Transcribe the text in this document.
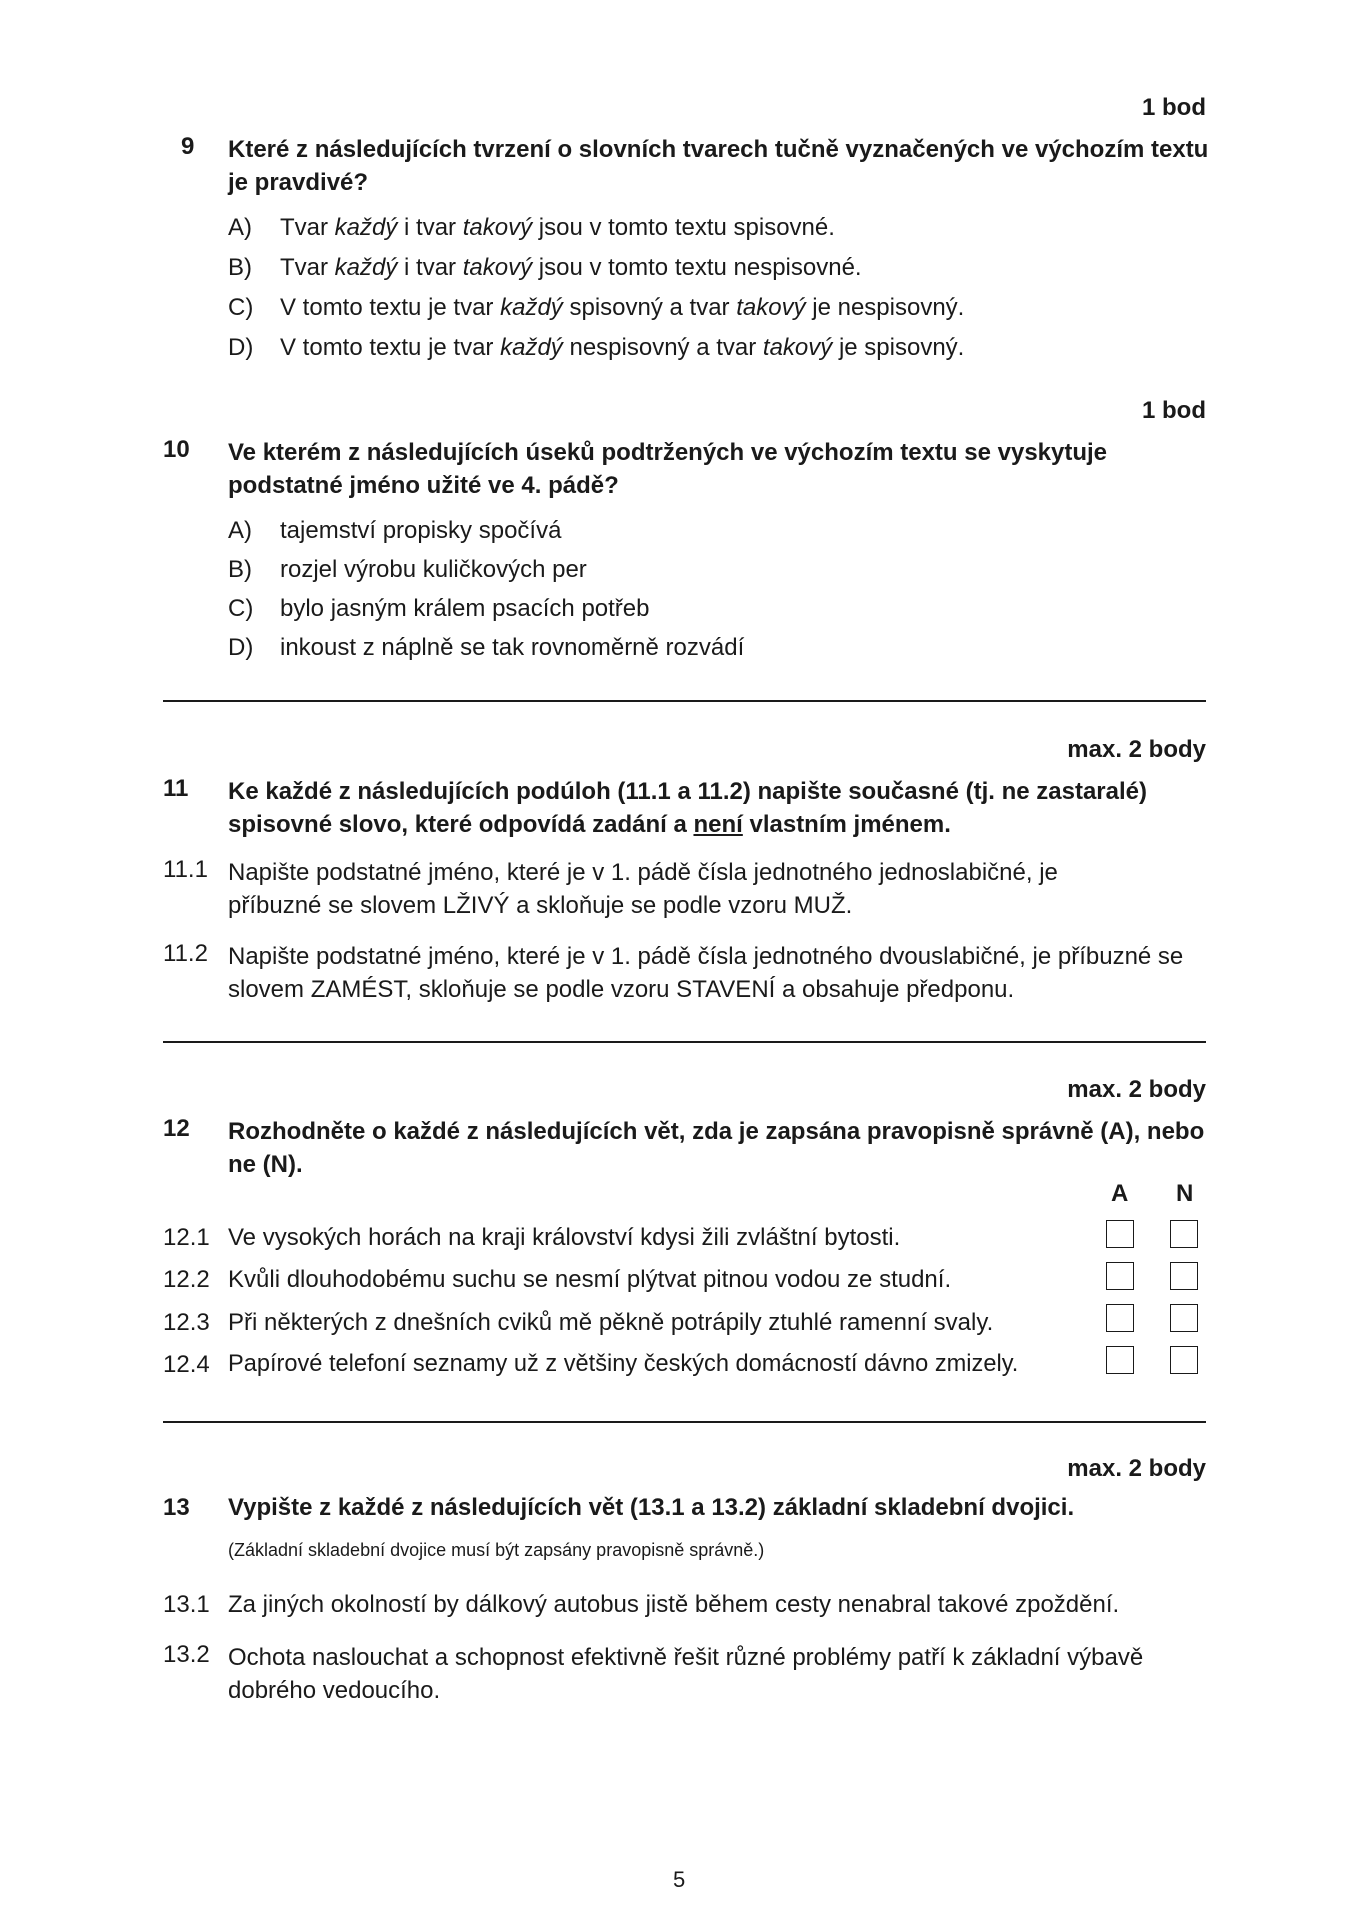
1 bod
9 Které z následujících tvrzení o slovních tvarech tučně vyznačených ve výchozím textu je pravdivé?
A) Tvar každý i tvar takový jsou v tomto textu spisovné.
B) Tvar každý i tvar takový jsou v tomto textu nespisovné.
C) V tomto textu je tvar každý spisovný a tvar takový je nespisovný.
D) V tomto textu je tvar každý nespisovný a tvar takový je spisovný.
1 bod
10 Ve kterém z následujících úseků podtržených ve výchozím textu se vyskytuje podstatné jméno užité ve 4. pádě?
A) tajemství propisky spočívá
B) rozjel výrobu kuličkových per
C) bylo jasným králem psacích potřeb
D) inkoust z náplně se tak rovnoměrně rozvádí
max. 2 body
11 Ke každé z následujících podúloh (11.1 a 11.2) napište současné (tj. ne zastaralé) spisovné slovo, které odpovídá zadání a není vlastním jménem.
11.1 Napište podstatné jméno, které je v 1. pádě čísla jednotného jednoslabičné, je příbuzné se slovem LŽIVÝ a skloňuje se podle vzoru MUŽ.
11.2 Napište podstatné jméno, které je v 1. pádě čísla jednotného dvouslabičné, je příbuzné se slovem ZAMÉST, skloňuje se podle vzoru STAVENÍ a obsahuje předponu.
max. 2 body
12 Rozhodněte o každé z následujících vět, zda je zapsána pravopisně správně (A), nebo ne (N).
A N
12.1 Ve vysokých horách na kraji království kdysi žili zvláštní bytosti.
12.2 Kvůli dlouhodobému suchu se nesmí plýtvat pitnou vodou ze studní.
12.3 Při některých z dnešních cviků mě pěkně potrápily ztuhlé ramenní svaly.
12.4 Papírové telefoní seznamy už z většiny českých domácností dávno zmizely.
max. 2 body
13 Vypište z každé z následujících vět (13.1 a 13.2) základní skladební dvojici.
(Základní skladební dvojice musí být zapsány pravopisně správně.)
13.1 Za jiných okolností by dálkový autobus jistě během cesty nenabral takové zpoždění.
13.2 Ochota naslouchat a schopnost efektivně řešit různé problémy patří k základní výbavě dobrého vedoucího.
5
